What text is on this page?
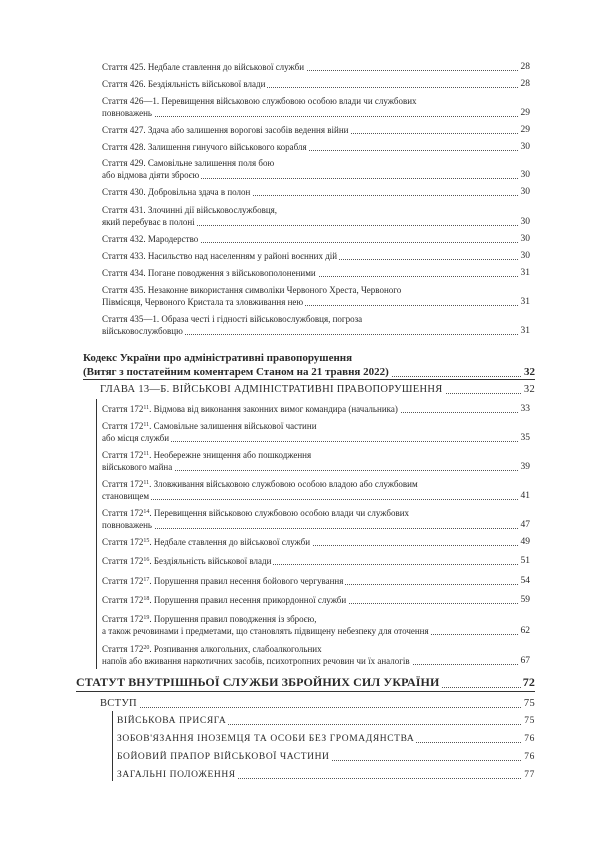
Стаття 425. Недбале ставлення до військової служби	28
Стаття 426. Бездіяльність військової влади	28
Стаття 426—1. Перевищення військовою службовою особою влади чи службових
повноважень	29
Стаття 427. Здача або залишення ворогові засобів ведення війни	29
Стаття 428. Залишення гинучого військового корабля	30
Стаття 429. Самовільне залишення поля бою
або відмова діяти зброєю	30
Стаття 430. Добровільна здача в полон	30
Стаття 431. Злочинні дії військовослужбовця,
який перебуває в полоні	30
Стаття 432. Мародерство	30
Стаття 433. Насильство над населенням у районі воєнних дій	30
Стаття 434. Погане поводження з військовополоненими	31
Стаття 435. Незаконне використання символіки Червоного Хреста, Червоного
Півмісяця, Червоного Кристала та зловживання нею	31
Стаття 435—1. Образа честі і гідності військовослужбовця, погроза
військовослужбовцю	31
Кодекс України про адміністративні правопорушення
(Витяг з постатейним коментарем Станом на 21 травня 2022)	32
ГЛАВА 13—Б. ВІЙСЬКОВІ АДМІНІСТРАТИВНІ ПРАВОПОРУШЕННЯ	32
Стаття $172^{11}$. Відмова від виконання законних вимог командира (начальника)	33
Стаття $172^{11}$. Самовільне залишення військової частини
або місця служби	35
Стаття $172^{11}$. Необережне знищення або пошкодження
військового майна	39
Стаття $172^{11}$. Зловживання військовою службовою особою владою або службовим
становищем	41
Стаття $172^{14}$. Перевищення військовою службовою особою влади чи службових
повноважень	47
Стаття $172^{15}$. Недбале ставлення до військової служби	49
Стаття $172^{16}$. Бездіяльність військової влади	51
Стаття $172^{17}$. Порушення правил несення бойового чергування	54
Стаття $172^{18}$. Порушення правил несення прикордонної служби	59
Стаття $172^{19}$. Порушення правил поводження із зброєю,
а також речовинами і предметами, що становлять підвищену небезпеку для оточення	62
Стаття $172^{20}$. Розпивання алкогольних, слабоалкогольних
напоїв або вживання наркотичних засобів, психотропних речовин чи їх аналогів	67
СТАТУТ ВНУТРІШНЬОЇ СЛУЖБИ ЗБРОЙНИХ СИЛ УКРАЇНИ	72
ВСТУП	75
ВІЙСЬКОВА ПРИСЯГА	75
ЗОБОВ'ЯЗАННЯ ІНОЗЕМЦЯ ТА ОСОБИ БЕЗ ГРОМАДЯНСТВА	76
БОЙОВИЙ ПРАПОР ВІЙСЬКОВОЇ ЧАСТИНИ	76
ЗАГАЛЬНІ ПОЛОЖЕННЯ	77
